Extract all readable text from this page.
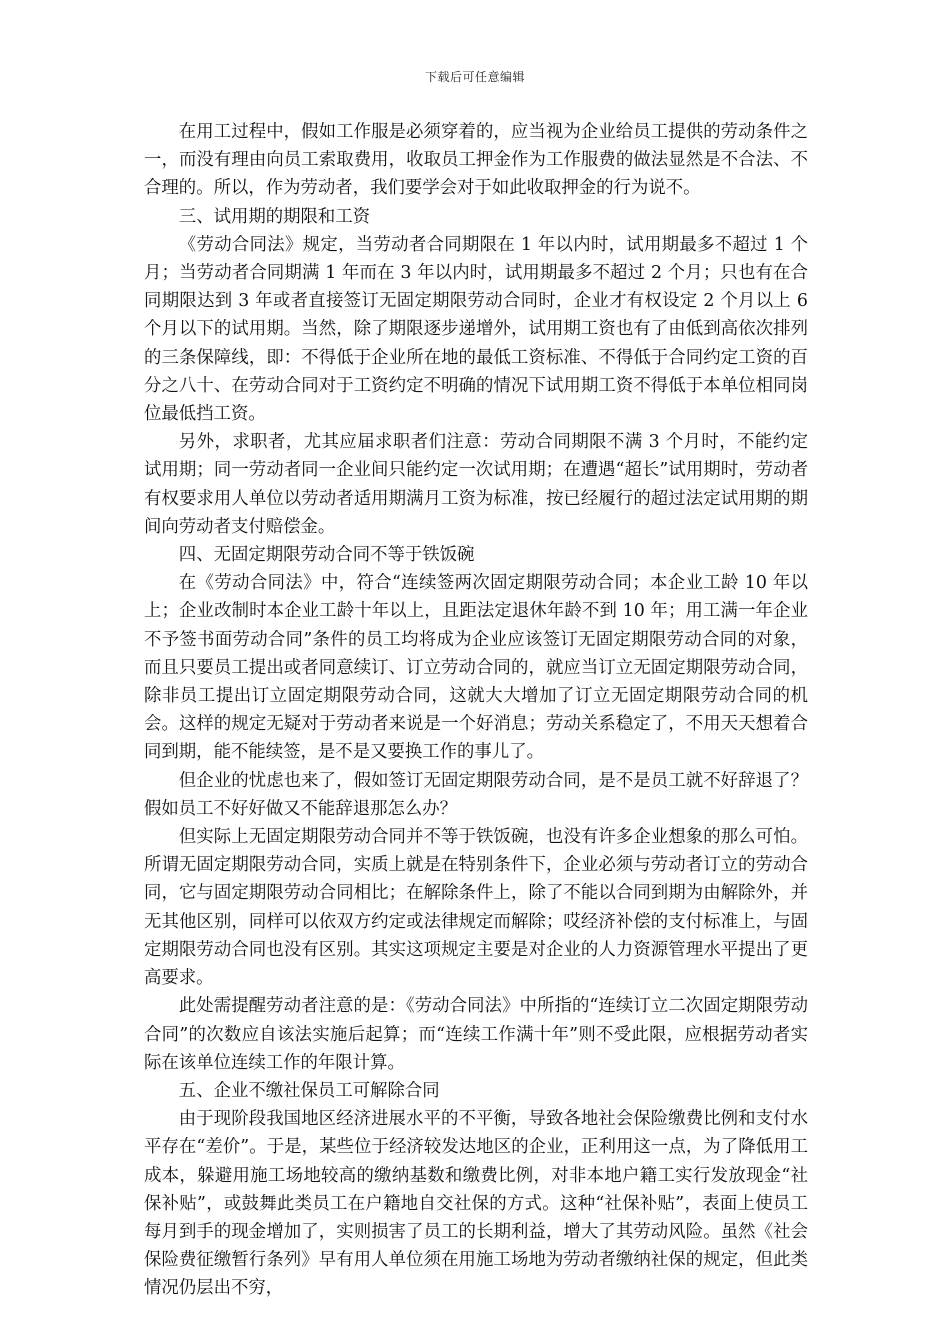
下载后可任意编辑

在用工过程中，假如工作服是必须穿着的，应当视为企业给员工提供的劳动条件之一，而没有理由向员工索取费用，收取员工押金作为工作服费的做法显然是不合法、不合理的。所以，作为劳动者，我们要学会对于如此收取押金的行为说不。

三、试用期的期限和工资

《劳动合同法》规定，当劳动者合同期限在 1 年以内时，试用期最多不超过 1 个月；当劳动者合同期满 1 年而在 3 年以内时，试用期最多不超过 2 个月；只也有在合同期限达到 3 年或者直接签订无固定期限劳动合同时，企业才有权设定 2 个月以上 6 个月以下的试用期。当然，除了期限逐步递增外，试用期工资也有了由低到高依次排列的三条保障线，即：不得低于企业所在地的最低工资标准、不得低于合同约定工资的百分之八十、在劳动合同对于工资约定不明确的情况下试用期工资不得低于本单位相同岗位最低挡工资。

另外，求职者，尤其应届求职者们注意：劳动合同期限不满 3 个月时，不能约定试用期；同一劳动者同一企业间只能约定一次试用期；在遭遇“超长”试用期时，劳动者有权要求用人单位以劳动者适用期满月工资为标准，按已经履行的超过法定试用期的期间向劳动者支付赔偿金。

四、无固定期限劳动合同不等于铁饭碗

在《劳动合同法》中，符合“连续签两次固定期限劳动合同；本企业工龄 10 年以上；企业改制时本企业工龄十年以上，且距法定退休年龄不到 10 年；用工满一年企业不予签书面劳动合同”条件的员工均将成为企业应该签订无固定期限劳动合同的对象，而且只要员工提出或者同意续订、订立劳动合同的，就应当订立无固定期限劳动合同，除非员工提出订立固定期限劳动合同，这就大大增加了订立无固定期限劳动合同的机会。这样的规定无疑对于劳动者来说是一个好消息；劳动关系稳定了，不用天天想着合同到期，能不能续签，是不是又要换工作的事儿了。

但企业的忧虑也来了，假如签订无固定期限劳动合同，是不是员工就不好辞退了？假如员工不好好做又不能辞退那怎么办？

但实际上无固定期限劳动合同并不等于铁饭碗，也没有许多企业想象的那么可怕。所谓无固定期限劳动合同，实质上就是在特别条件下，企业必须与劳动者订立的劳动合同，它与固定期限劳动合同相比；在解除条件上，除了不能以合同到期为由解除外，并无其他区别，同样可以依双方约定或法律规定而解除；哎经济补偿的支付标准上，与固定期限劳动合同也没有区别。其实这项规定主要是对企业的人力资源管理水平提出了更高要求。

此处需提醒劳动者注意的是：《劳动合同法》中所指的“连续订立二次固定期限劳动合同”的次数应自该法实施后起算；而“连续工作满十年”则不受此限，应根据劳动者实际在该单位连续工作的年限计算。

五、企业不缴社保员工可解除合同

由于现阶段我国地区经济进展水平的不平衡，导致各地社会保险缴费比例和支付水平存在“差价”。于是，某些位于经济较发达地区的企业，正利用这一点，为了降低用工成本，躲避用施工场地较高的缴纳基数和缴费比例，对非本地户籍工实行发放现金“社保补贴”，或鼓舞此类员工在户籍地自交社保的方式。这种“社保补贴”，表面上使员工每月到手的现金增加了，实则损害了员工的长期利益，增大了其劳动风险。虽然《社会保险费征缴暂行条列》早有用人单位须在用施工场地为劳动者缴纳社保的规定，但此类情况仍层出不穷，
